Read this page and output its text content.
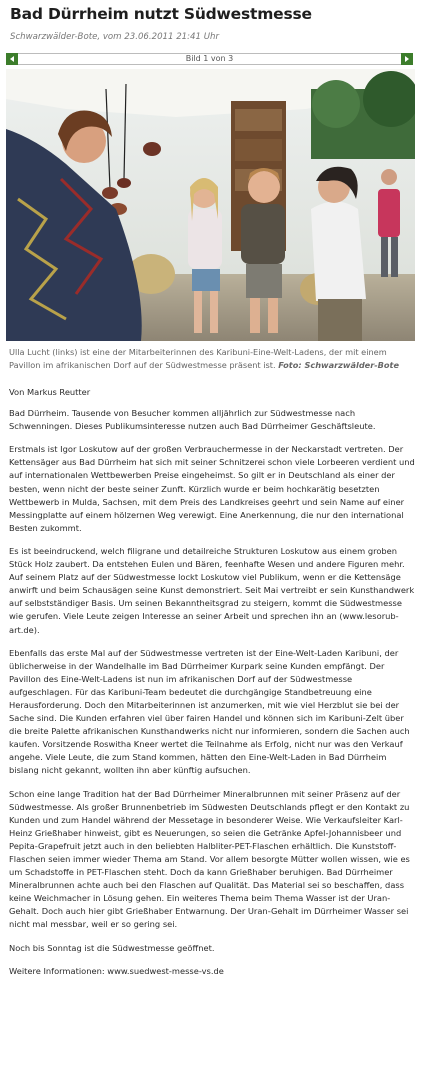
Bad Dürrheim nutzt Südwestmesse
Schwarzwälder-Bote, vom 23.06.2011 21:41 Uhr
Bild 1 von 3
Ulla Lucht (links) ist eine der Mitarbeiterinnen des Karibuni-Eine-Welt-Ladens, der mit einem Pavillon im afrikanischen Dorf auf der Südwestmesse präsent ist. Foto: Schwarzwälder-Bote

Von Markus Reutter

Bad Dürrheim. Tausende von Besucher kommen alljährlich zur Südwestmesse nach Schwenningen. Dieses Publikumsinteresse nutzen auch Bad Dürrheimer Geschäftsleute.

Erstmals ist Igor Loskutow auf der großen Verbrauchermesse in der Neckarstadt vertreten. Der Kettensäger aus Bad Dürrheim hat sich mit seiner Schnitzerei schon viele Lorbeeren verdient und auf internationalen Wettbewerben Preise eingeheimst. So gilt er in Deutschland als einer der besten, wenn nicht der beste seiner Zunft. Kürzlich wurde er beim hochkarätig besetzten Wettbewerb in Mulda, Sachsen, mit dem Preis des Landkreises geehrt und sein Name auf einer Messingplatte auf einem hölzernen Weg verewigt. Eine Anerkennung, die nur den international Besten zukommt.

Es ist beeindruckend, welch filigrane und detailreiche Strukturen Loskutow aus einem groben Stück Holz zaubert. Da entstehen Eulen und Bären, feenhafte Wesen und andere Figuren mehr. Auf seinem Platz auf der Südwestmesse lockt Loskutow viel Publikum, wenn er die Kettensäge anwirft und beim Schausägen seine Kunst demonstriert. Seit Mai vertreibt er sein Kunsthandwerk auf selbstständiger Basis. Um seinen Bekanntheitsgrad zu steigern, kommt die Südwestmesse wie gerufen. Viele Leute zeigen Interesse an seiner Arbeit und sprechen ihn an (www.lesorub-art.de).

Ebenfalls das erste Mal auf der Südwestmesse vertreten ist der Eine-Welt-Laden Karibuni, der üblicherweise in der Wandelhalle im Bad Dürrheimer Kurpark seine Kunden empfängt. Der Pavillon des Eine-Welt-Ladens ist nun im afrikanischen Dorf auf der Südwestmesse aufgeschlagen. Für das Karibuni-Team bedeutet die durchgängige Standbetreuung eine Herausforderung. Doch den Mitarbeiterinnen ist anzumerken, mit wie viel Herzblut sie bei der Sache sind. Die Kunden erfahren viel über fairen Handel und können sich im Karibuni-Zelt über die breite Palette afrikanischen Kunsthandwerks nicht nur informieren, sondern die Sachen auch kaufen. Vorsitzende Roswitha Kneer wertet die Teilnahme als Erfolg, nicht nur was den Verkauf angehe. Viele Leute, die zum Stand kommen, hätten den Eine-Welt-Laden in Bad Dürrheim bislang nicht gekannt, wollten ihn aber künftig aufsuchen.

Schon eine lange Tradition hat der Bad Dürrheimer Mineralbrunnen mit seiner Präsenz auf der Südwestmesse. Als großer Brunnenbetrieb im Südwesten Deutschlands pflegt er den Kontakt zu Kunden und zum Handel während der Messetage in besonderer Weise. Wie Verkaufsleiter Karl-Heinz Grießhaber hinweist, gibt es Neuerungen, so seien die Getränke Apfel-Johannisbeer und Pepita-Grapefruit jetzt auch in den beliebten Halbliter-PET-Flaschen erhältlich. Die Kunststoff-Flaschen seien immer wieder Thema am Stand. Vor allem besorgte Mütter wollen wissen, wie es um Schadstoffe in PET-Flaschen steht. Doch da kann Grießhaber beruhigen. Bad Dürrheimer Mineralbrunnen achte auch bei den Flaschen auf Qualität. Das Material sei so beschaffen, dass keine Weichmacher in Lösung gehen. Ein weiteres Thema beim Thema Wasser ist der Uran-Gehalt. Doch auch hier gibt Grießhaber Entwarnung. Der Uran-Gehalt im Dürrheimer Wasser sei nicht mal messbar, weil er so gering sei.

Noch bis Sonntag ist die Südwestmesse geöffnet.

Weitere Informationen: www.suedwest-messe-vs.de
